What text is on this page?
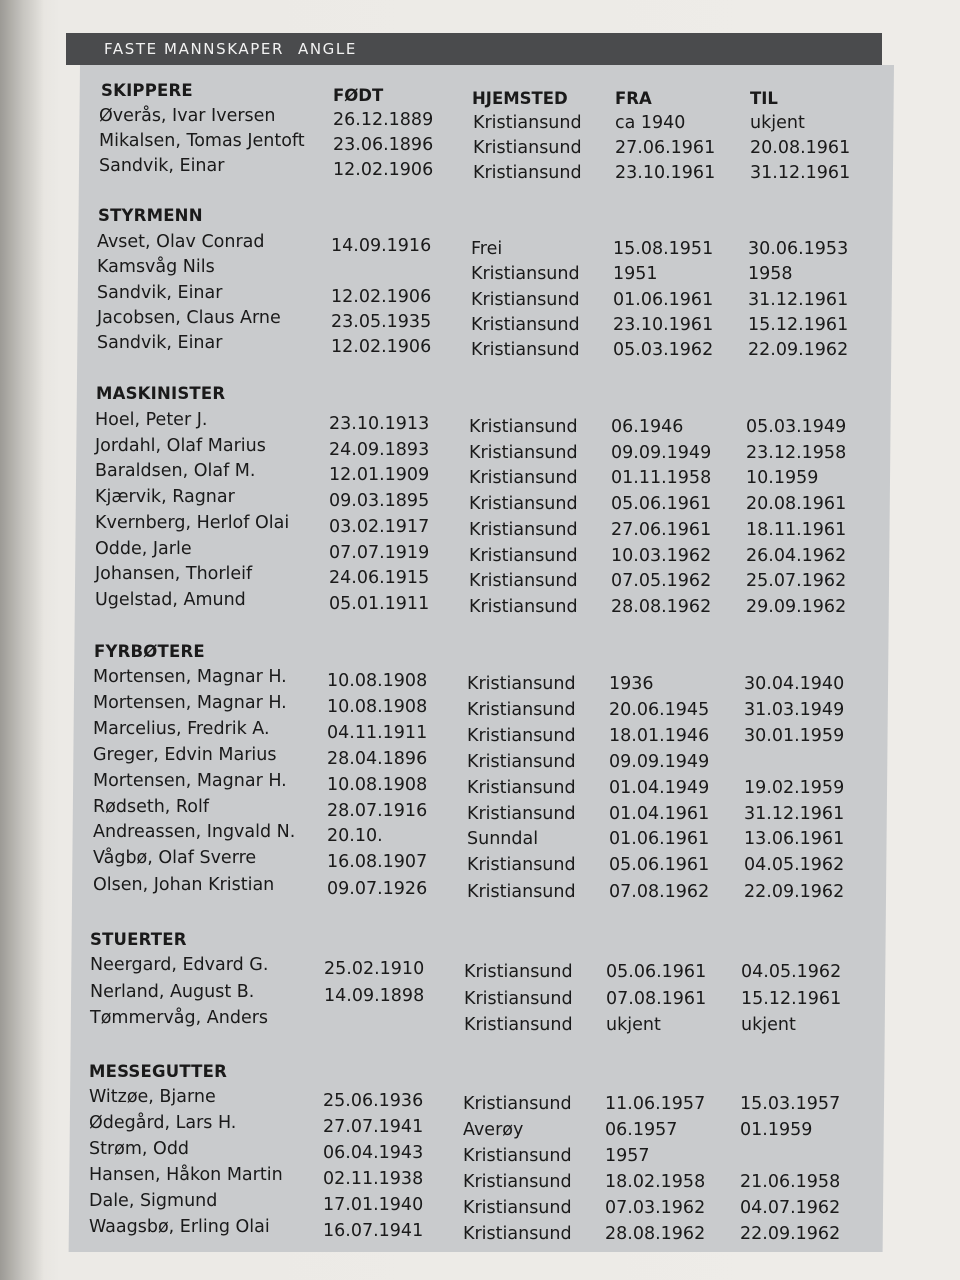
FASTE MANNSKAPER ANGLE
FØDT	HJEMSTED	FRA	TIL
SKIPPERE
Øverås, Ivar Iversen	26.12.1889 Kristiansund ca 1940	ukjent
Mikalsen, Tomas Jentoft 23.06.1896 Kristiansund 27.06.1961 20.08.1961
Sandvik, Einar	12.02.1906 Kristiansund 23.10.1961 31.12.1961
STYRMENN
Avset, Olav Conrad	14.09.1916 Frei	15.08.1951 30.06.1953
Kamsvåg Nils	Kristiansund 1951	1958
Sandvik, Einar	12.02.1906 Kristiansund 01.06.1961 31.12.1961
Jacobsen, Claus Arne	23.05.1935 Kristiansund 23.10.1961 15.12.1961
Sandvik, Einar	12.02.1906 Kristiansund 05.03.1962 22.09.1962
MASKINISTER
Hoel, Peter J.	23.10.1913 Kristiansund 06.1946	05.03.1949
Jordahl, Olaf Marius	24.09.1893 Kristiansund 09.09.1949 23.12.1958
Baraldsen, Olaf M.	12.01.1909 Kristiansund 01.11.1958 10.1959
Kjærvik, Ragnar	09.03.1895 Kristiansund 05.06.1961 20.08.1961
Kvernberg, Herlof Olai 03.02.1917 Kristiansund 27.06.1961 18.11.1961
Odde, Jarle	07.07.1919 Kristiansund 10.03.1962 26.04.1962
Johansen, Thorleif	24.06.1915 Kristiansund 07.05.1962 25.07.1962
Ugelstad, Amund	05.01.1911 Kristiansund 28.08.1962 29.09.1962
FYRBØTERE
Mortensen, Magnar H. 10.08.1908 Kristiansund 1936	30.04.1940
Mortensen, Magnar H. 10.08.1908 Kristiansund 20.06.1945 31.03.1949
Marcelius, Fredrik A.	04.11.1911 Kristiansund 18.01.1946 30.01.1959
Greger, Edvin Marius	28.04.1896 Kristiansund 09.09.1949
Mortensen, Magnar H. 10.08.1908 Kristiansund 01.04.1949 19.02.1959
Rødseth, Rolf	28.07.1916 Kristiansund 01.04.1961 31.12.1961
Andreassen, Ingvald N. 20.10.	Sunndal	01.06.1961 13.06.1961
Vågbø, Olaf Sverre	16.08.1907 Kristiansund 05.06.1961 04.05.1962
Olsen, Johan Kristian	09.07.1926 Kristiansund 07.08.1962 22.09.1962
STUERTER
Neergard, Edvard G.	25.02.1910 Kristiansund 05.06.1961 04.05.1962
Nerland, August B.	14.09.1898 Kristiansund 07.08.1961 15.12.1961
Tømmervåg, Anders	Kristiansund ukjent	ukjent
MESSEGUTTER
Witzøe, Bjarne	25.06.1936 Kristiansund 11.06.1957 15.03.1957
Ødegård, Lars H.	27.07.1941 Averøy	06.1957	01.1959
Strøm, Odd	06.04.1943 Kristiansund 1957
Hansen, Håkon Martin 02.11.1938 Kristiansund 18.02.1958 21.06.1958
Dale, Sigmund	17.01.1940 Kristiansund 07.03.1962 04.07.1962
Waagsbø, Erling Olai	16.07.1941 Kristiansund 28.08.1962 22.09.1962
